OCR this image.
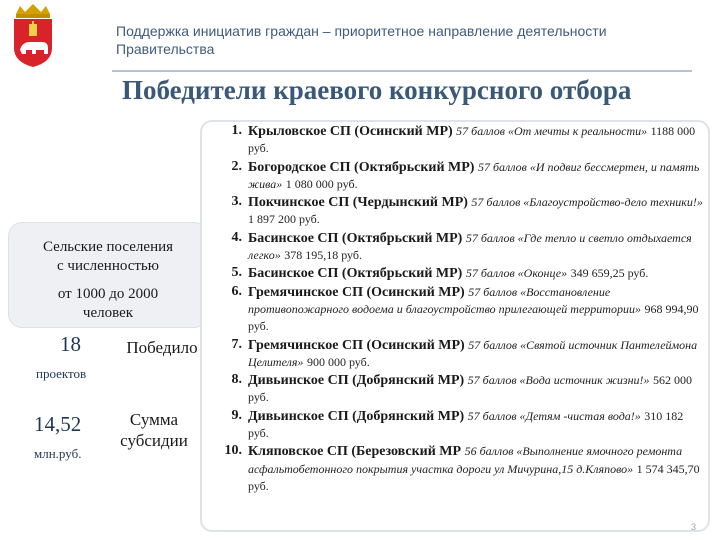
Поддержка инициатив граждан – приоритетное направление деятельности
Правительства
Победители краевого конкурсного отбора
Сельские поселения
с численностью
от 1000 до 2000
человек
18	Победило
проектов
14,52	Сумма
субсидии
млн.руб.
1. Крыловское СП (Осинский МР) 57 баллов «От мечты к реальности» 1188 000 руб.
2. Богородское СП (Октябрьский МР) 57 баллов «И подвиг бессмертен, и память жива» 1 080 000 руб.
3. Покчинское СП (Чердынский МР) 57 баллов «Благоустройство-дело техники!» 1 897 200 руб.
4. Басинское СП (Октябрьский МР) 57 баллов «Где тепло и светло отдыхается легко» 378 195,18 руб.
5. Басинское СП (Октябрьский МР) 57 баллов «Оконце» 349 659,25 руб.
6. Гремячинское СП (Осинский МР) 57 баллов «Восстановление противопожарного водоема и благоустройство прилегающей территории» 968 994,90 руб.
7. Гремячинское СП (Осинский МР) 57 баллов «Святой источник Пантелеймона Целителя» 900 000 руб.
8. Дивьинское СП (Добрянский МР) 57 баллов «Вода источник жизни!» 562 000 руб.
9. Дивьинское СП (Добрянский МР) 57 баллов «Детям -чистая вода!» 310 182 руб.
10. Кляповское СП (Березовский МР 56 баллов «Выполнение ямочного ремонта асфальтобетонного покрытия участка дороги ул Мичурина,15 д.Кляпово» 1 574 345,70 руб.
3
